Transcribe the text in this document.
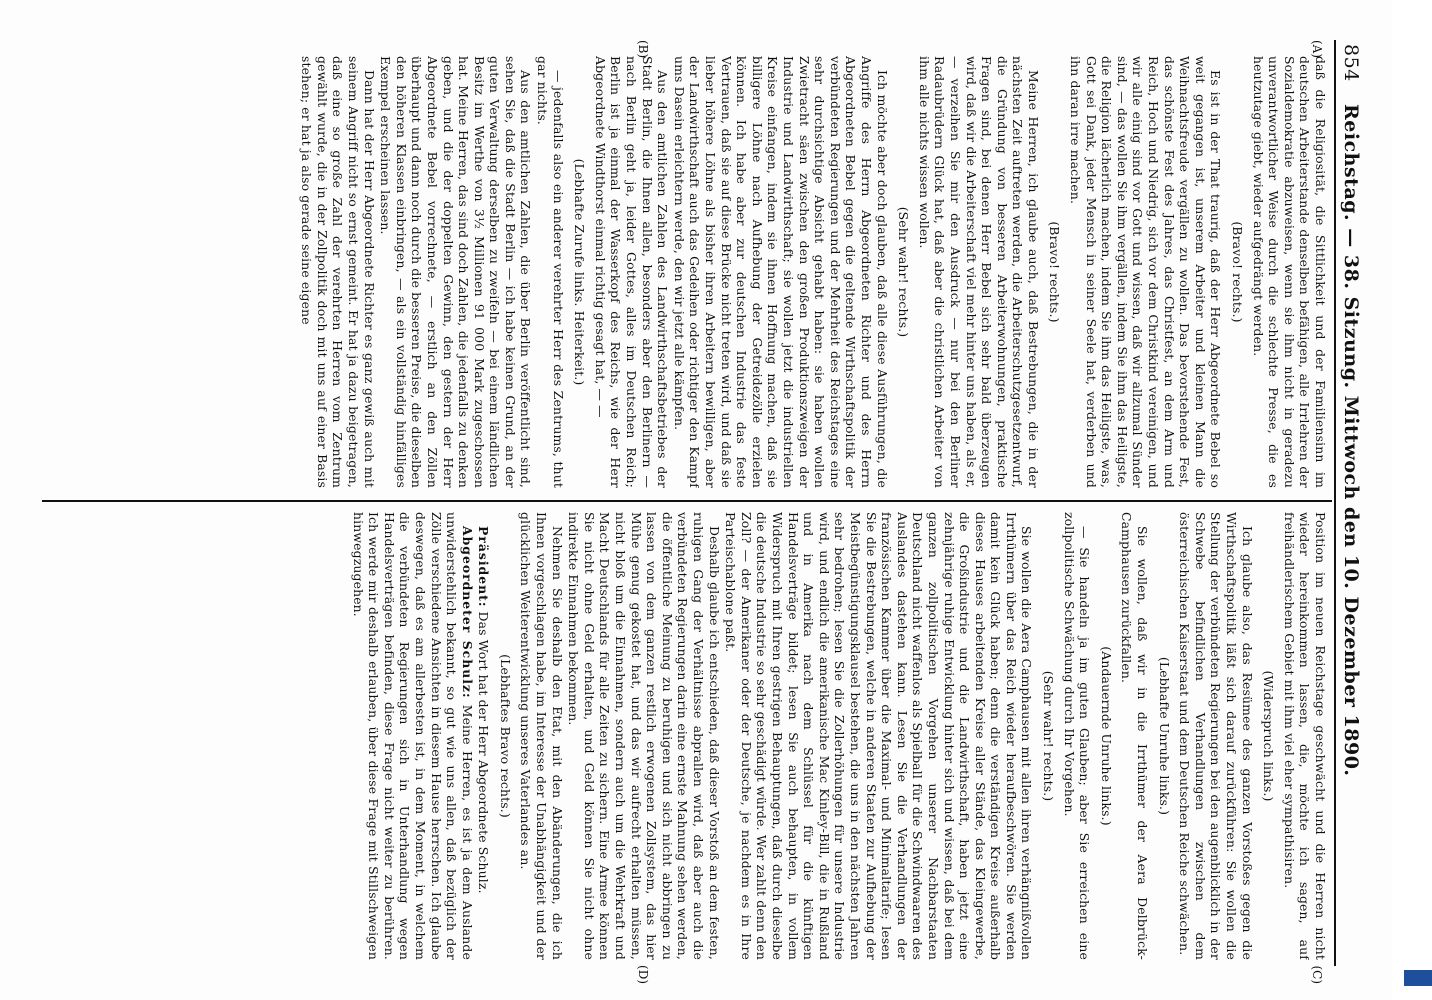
854
Reichstag. — 38. Sitzung. Mittwoch den 10. Dezember 1890.
(A)
(B)
(C)
(D)

daß die Religiosität, die Sittlichkeit und der Familiensinn im deutschen Arbeiterstande denselben befähigen, alle Irrlehren der Sozialdemokratie abzuweisen, wenn sie ihm nicht in geradezu unverantwortlicher Weise durch die schlechte Presse, die es heutzutage giebt, wieder aufgedrängt werden.

(Bravo! rechts.)

Es ist in der That traurig, daß der Herr Abgeordnete Bebel so weit gegangen ist, unserem Arbeiter und kleinen Mann die Weihnachtsfreude vergällen zu wollen. Das bevorstehende Fest, das schönste Fest des Jahres, das Christfest, an dem Arm und Reich, Hoch und Niedrig, sich vor dem Christkind vereinigen, und wir alle einig sind vor Gott und wissen, daß wir allzumal Sünder sind, — das wollen Sie ihm vergällen, indem Sie ihm das Heiligste, die Religion lächerlich machen, indem Sie ihm das Heiligste, was, Gott sei Dank, jeder Mensch in seiner Seele hat, verderben und ihn daran irre machen.

(Bravo! rechts.)

Meine Herren, ich glaube auch, daß Bestrebungen, die in der nächsten Zeit auftreten werden, die Arbeiterschutzgesetzentwurf, die Gründung von besseren Arbeiterwohnungen, praktische Fragen sind, bei denen Herr Bebel sich sehr bald überzeugen wird, daß wir die Arbeiterschaft viel mehr hinter uns haben, als er, — verzeihen Sie mir den Ausdruck — nur bei den Berliner Radaubrüdern Glück hat, daß aber die christlichen Arbeiter von ihm alle nichts wissen wollen.

(Sehr wahr! rechts.)

Ich möchte aber doch glauben, daß alle diese Ausführungen, die Angriffe des Herrn Abgeordneten Richter und des Herrn Abgeordneten Bebel gegen die geltende Wirthschaftspolitik der verbündeten Regierungen und der Mehrheit des Reichstages eine sehr durchsichtige Absicht gehabt haben: sie haben wollen Zwietracht säen zwischen den großen Produktionszweigen der Industrie und Landwirthschaft; sie wollen jetzt die industriellen Kreise einfangen, indem sie ihnen Hoffnung machen, daß sie billigere Löhne nach Aufhebung der Getreidezölle erzielen können. Ich habe aber zur deutschen Industrie das feste Vertrauen, daß sie auf diese Brücke nicht treten wird, und daß sie lieber höhere Löhne als bisher ihren Arbeitern bewilligen, aber der Landwirthschaft auch das Gedeihen oder richtiger den Kampf ums Dasein erleichtern werde, den wir jetzt alle kämpfen.

Aus den amtlichen Zahlen des Landwirthschaftsbetriebes der Stadt Berlin, die Ihnen allen, besonders aber den Berlinern — nach Berlin geht ja, leider Gottes, alles im Deutschen Reich; Berlin ist ja einmal der Wasserkopf des Reichs, wie der Herr Abgeordnete Windthorst einmal richtig gesagt hat, — —

(Lebhafte Zurufe links. Heiterkeit.)

— jedenfalls also ein anderer verehrter Herr des Zentrums, thut gar nichts.

Aus den amtlichen Zahlen, die über Berlin veröffentlicht sind, sehen Sie, daß die Stadt Berlin — ich habe keinen Grund, an der guten Verwaltung derselben zu zweifeln — bei einem ländlichen Besitz im Werthe von 3½ Millionen 91 000 Mark zugeschossen hat. Meine Herren, das sind doch Zahlen, die jedenfalls zu denken geben, und die der doppelten Gewinn, den gestern der Herr Abgeordnete Bebel vorrechnete, — erstlich an den Zöllen überhaupt und dann noch durch die besseren Preise, die dieselben den höheren Klassen einbringen, — als ein vollständig hinfälliges Exempel erscheinen lassen.

Dann hat der Herr Abgeordnete Richter es ganz gewiß auch mit seinem Angriff nicht so ernst gemeint. Er hat ja dazu beigetragen, daß eine so große Zahl der verehrten Herren vom Zentrum gewählt wurde, die in der Zollpolitik doch mit uns auf einer Basis stehen; er hat ja also gerade seine eigene

Position im neuen Reichstage geschwächt und die Herren nicht wieder hereinkommen lassen, die, möchte ich sagen, auf freihändlerischem Gebiet mit ihm viel eher sympathisiren.

(Widerspruch links.)

Ich glaube also, das Resümee des ganzen Vorstoßes gegen die Wirthschaftspolitik läßt sich darauf zurückführen: Sie wollen die Stellung der verbündeten Regierungen bei den augenblicklich in der Schwebe befindlichen Verhandlungen zwischen dem österreichischen Kaiserstaat und dem Deutschen Reiche schwächen.

(Lebhafte Unruhe links.)

Sie wollen, daß wir in die Irrthümer der Aera Delbrück-Camphausen zurückfallen.

(Andauernde Unruhe links.)

— Sie handeln ja im guten Glauben; aber Sie erreichen eine zollpolitische Schwächung durch Ihr Vorgehen.

(Sehr wahr! rechts.)

Sie wollen die Aera Camphausen mit allen ihren verhängnißvollen Irrthümern über das Reich wieder heraufbeschwören. Sie werden damit kein Glück haben; denn die verständigen Kreise außerhalb dieses Hauses arbeitenden Kreise aller Stände, das Kleingewerbe, die Großindustrie und die Landwirthschaft, haben jetzt eine zehnjährige ruhige Entwicklung hinter sich und wissen, daß bei dem ganzen zollpolitischen Vorgehen unserer Nachbarstaaten Deutschland nicht waffenlos als Spielball für die Schwindwaaren des Auslandes dastehen kann. Lesen Sie die Verhandlungen der französischen Kammer über die Maximal- und Minimaltarife; lesen Sie die Bestrebungen, welche in anderen Staaten zur Aufhebung der Meistbegünstigungsklausel bestehen, die uns in den nächsten Jahren sehr bedrohen; lesen Sie die Zollerhöhungen für unsere Industrie wird, und endlich die amerikanische Mac Kinley-Bill, die in Rußland und in Amerika nach dem Schlüssel für die künftigen Handelsverträge bildet; lesen Sie auch behaupten, in vollem Widerspruch mit Ihren gestrigen Behauptungen, daß durch dieselbe die deutsche Industrie so sehr geschädigt würde. Wer zahlt denn den Zoll? — der Amerikaner oder der Deutsche, je nachdem es in Ihre Parteischablone paßt.

Deshalb glaube ich entschieden, daß dieser Vorstoß an dem festen, ruhigen Gang der Verhältnisse abprallen wird, daß aber auch die verbündeten Regierungen darin eine ernste Mahnung sehen werden, die öffentliche Meinung zu beruhigen und sich nicht abbringen zu lassen von dem ganzen restlich erwogenen Zollsystem, das hier Mühe genug gekostet hat, und das wir aufrecht erhalten müssen, nicht bloß um die Einnahmen, sondern auch um die Wehrkraft und Macht Deutschlands für alle Zeiten zu sichern. Eine Armee können Sie nicht ohne Geld erhalten, und Geld können Sie nicht ohne indirekte Einnahmen bekommen.

Nehmen Sie deshalb den Etat, mit den Abänderungen, die ich Ihnen vorgeschlagen habe, im Interesse der Unabhängigkeit und der glücklichen Weiterentwicklung unseres Vaterlandes an.

(Lebhaftes Bravo rechts.)

Präsident: Das Wort hat der Herr Abgeordnete Schulz.

Abgeordneter Schulz: Meine Herren, es ist ja dem Auslande unwiderstehlich bekannt, so gut wie uns allen, daß bezüglich der Zölle verschiedene Ansichten in diesem Hause herrschen. Ich glaube deswegen, daß es am allerbesten ist, in dem Moment, in welchem die verbündeten Regierungen sich in Unterhandlung wegen Handelsverträgen befinden, diese Frage nicht weiter zu berühren. Ich werde mir deshalb erlauben, über diese Frage mit Stillschweigen hinwegzugehen.
